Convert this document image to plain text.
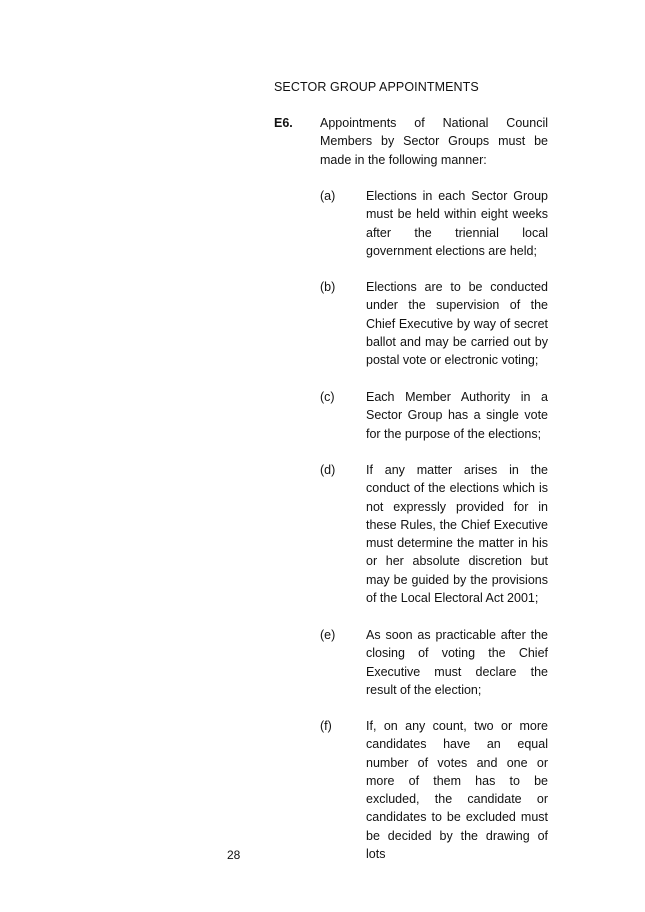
SECTOR GROUP APPOINTMENTS
E6. Appointments of National Council Members by Sector Groups must be made in the following manner:

(a) Elections in each Sector Group must be held within eight weeks after the triennial local government elections are held;

(b) Elections are to be conducted under the supervision of the Chief Executive by way of secret ballot and may be carried out by postal vote or electronic voting;

(c)	Each Member Authority in a Sector Group has a single vote for the purpose of the elections;

(d) If any matter arises in the conduct of the elections which is not expressly provided for in these Rules, the Chief Executive must determine the matter in his or her absolute discretion but may be guided by the provisions of the Local Electoral Act 2001;

(e) As soon as practicable after the closing of voting the Chief Executive must declare the result of the election;

(f)	If, on any count, two or more candidates have an equal number of votes and one or more of them has to be excluded, the candidate or candidates to be excluded must be decided by the drawing of lots

28
